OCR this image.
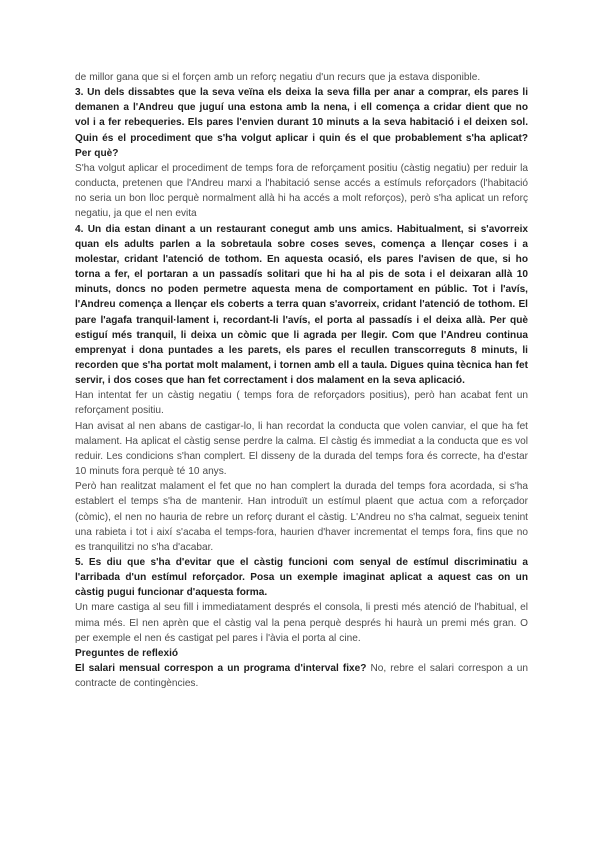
de millor gana que si el forçen amb un reforç negatiu d'un recurs que ja estava disponible.

3. Un dels dissabtes que la seva veïna els deixa la seva filla per anar a comprar, els pares li demanen a l'Andreu que juguí una estona amb la nena, i ell comença a cridar dient que no vol i a fer rebequeries. Els pares l'envien durant 10 minuts a la seva habitació i el deixen sol. Quin és el procediment que s'ha volgut aplicar i quin és el que probablement s'ha aplicat? Per què?

S'ha volgut aplicar el procediment de temps fora de reforçament positiu (càstig negatiu) per reduir la conducta, pretenen que l'Andreu marxi a l'habitació sense accés a estímuls reforçadors (l'habitació no seria un bon lloc perquè normalment allà hi ha accés a molt reforços), però s'ha aplicat un reforç negatiu, ja que el nen evita

4. Un dia estan dinant a un restaurant conegut amb uns amics. Habitualment, si s'avorreix quan els adults parlen a la sobretaula sobre coses seves, comença a llençar coses i a molestar, cridant l'atenció de tothom. En aquesta ocasió, els pares l'avisen de que, si ho torna a fer, el portaran a un passadís solitari que hi ha al pis de sota i el deixaran allà 10 minuts, doncs no poden permetre aquesta mena de comportament en públic. Tot i l'avís, l'Andreu comença a llençar els coberts a terra quan s'avorreix, cridant l'atenció de tothom. El pare l'agafa tranquil·lament i, recordant-li l'avís, el porta al passadís i el deixa allà. Per què estiguí més tranquil, li deixa un còmic que li agrada per llegir. Com que l'Andreu continua emprenyat i dona puntades a les parets, els pares el recullen transcorreguts 8 minuts, li recorden que s'ha portat molt malament, i tornen amb ell a taula. Digues quina tècnica han fet servir, i dos coses que han fet correctament i dos malament en la seva aplicació.

Han intentat fer un càstig negatiu ( temps fora de reforçadors positius), però han acabat fent un reforçament positiu.

Han avisat al nen abans de castigar-lo, li han recordat la conducta que volen canviar, el que ha fet malament. Ha aplicat el càstig sense perdre la calma. El càstig és immediat a la conducta que es vol reduir. Les condicions s'han complert. El disseny de la durada del temps fora és correcte, ha d'estar 10 minuts fora perquè té 10 anys.

Però han realitzat malament el fet que no han complert la durada del temps fora acordada, si s'ha establert el temps s'ha de mantenir. Han introduït un estímul plaent que actua com a reforçador (còmic), el nen no hauria de rebre un reforç durant el càstig. L'Andreu no s'ha calmat, segueix tenint una rabieta i tot i així s'acaba el temps-fora, haurien d'haver incrementat el temps fora, fins que no es tranquilitzi no s'ha d'acabar.

5. Es diu que s'ha d'evitar que el càstig funcioni com senyal de estímul discriminatiu a l'arribada d'un estímul reforçador. Posa un exemple imaginat aplicat a aquest cas on un càstig pugui funcionar d'aquesta forma.

Un mare castiga al seu fill i immediatament després el consola, li presti més atenció de l'habitual, el mima més. El nen aprèn que el càstig val la pena perquè després hi haurà un premi més gran. O per exemple el nen és castigat pel pares i l'àvia el porta al cine.

Preguntes de reflexió

El salari mensual correspon a un programa d'interval fixe? No, rebre el salari correspon a un contracte de contingències.
